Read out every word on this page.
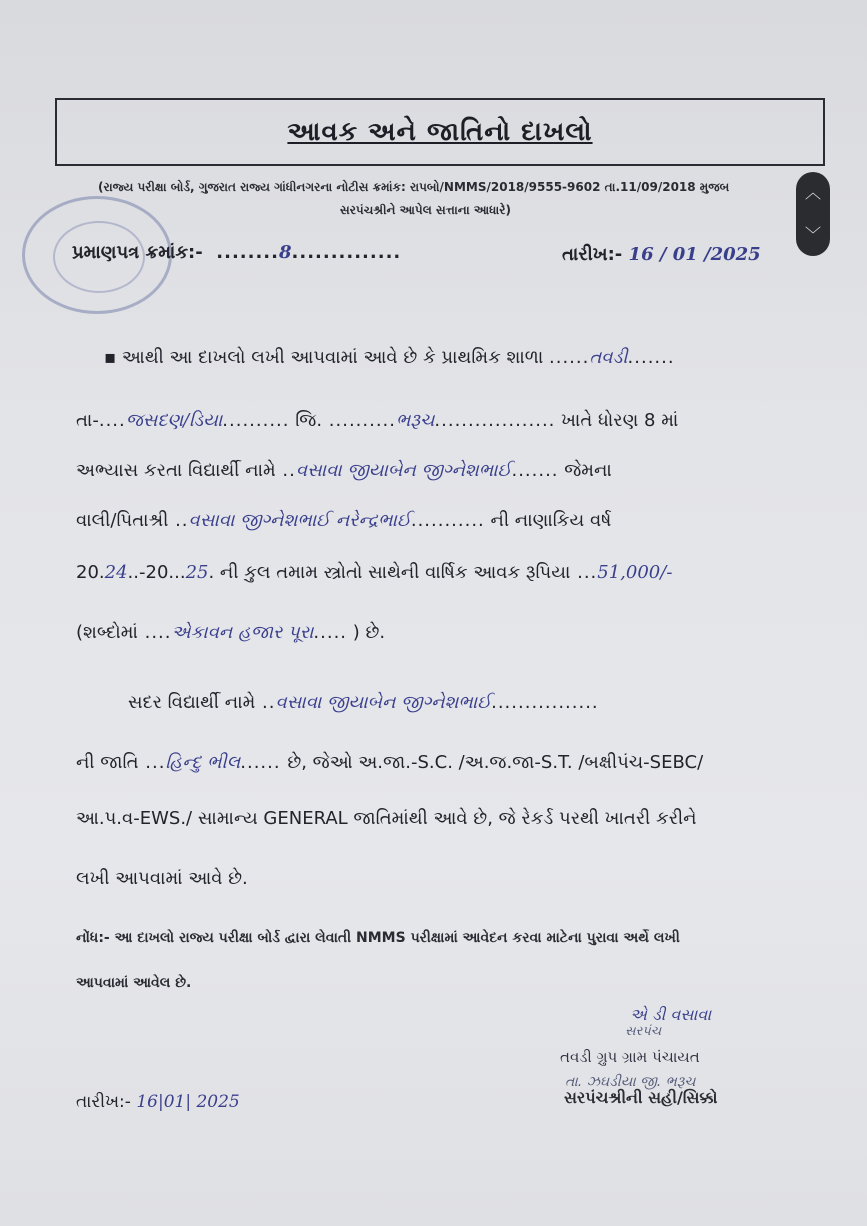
આવક અને જાતિનો દાખલો
(રાજ્ય પરીક્ષા બોર્ડ, ગુજરાત રાજ્ય ગાંધીનગરના નોટીસ ક્રમાંક: રાપબો/NMMS/2018/9555-9602 તા.11/09/2018 મુજબ
સરપંચશ્રીને આપેલ સત્તાના આધારે)
︿
﹀
પ્રમાણપત્ર ક્રમાંક:-  ........8..............	તારીખ:- 16 / 01 /2025
▪ આથી આ દાખલો લખી આપવામાં આવે છે કે પ્રાથમિક શાળા ......તવડી.......
તા-....જસદણ/ડિયા.......... જિ. ..........ભરૂચ.................. ખાતે ધોરણ 8 માં
અભ્યાસ કરતા વિદ્યાર્થી નામે ..વસાવા જીયાબેન જીગ્નેશભાઈ....... જેમના
વાલી/પિતાશ્રી ..વસાવા જીગ્નેશભાઈ નરેન્દ્રભાઈ........... ની નાણાકિય વર્ષ
20.24..-20...25. ની કુલ તમામ સ્ત્રોતો સાથેની વાર્ષિક આવક રૂપિયા ...51,000/-
(શબ્દોમાં ....એકાવન હજાર પૂરા..... ) છે.
સદર વિદ્યાર્થી નામે ..વસાવા જીયાબેન જીગ્નેશભાઈ................
ની જાતિ ...હિન્દુ ભીલ...... છે, જેઓ અ.જા.-S.C. /અ.જ.જા-S.T. /બક્ષીપંચ-SEBC/
આ.પ.વ-EWS./ સામાન્ય GENERAL જાતિમાંથી આવે છે, જે રેકર્ડ પરથી ખાતરી કરીને
લખી આપવામાં આવે છે.
નોંધ:- આ દાખલો રાજ્ય પરીક્ષા બોર્ડ દ્વારા લેવાતી NMMS પરીક્ષામાં આવેદન કરવા માટેના પુરાવા અર્થે લખી
આપવામાં આવેલ છે.
એ ડી વસાવા
સરપંચ
તવડી ગ્રુપ ગ્રામ પંચાયત
તા. ઝઘડીયા જી. ભરૂચ
સરપંચશ્રીની સહી/સિક્કો
તારીખ:- 16|01| 2025
